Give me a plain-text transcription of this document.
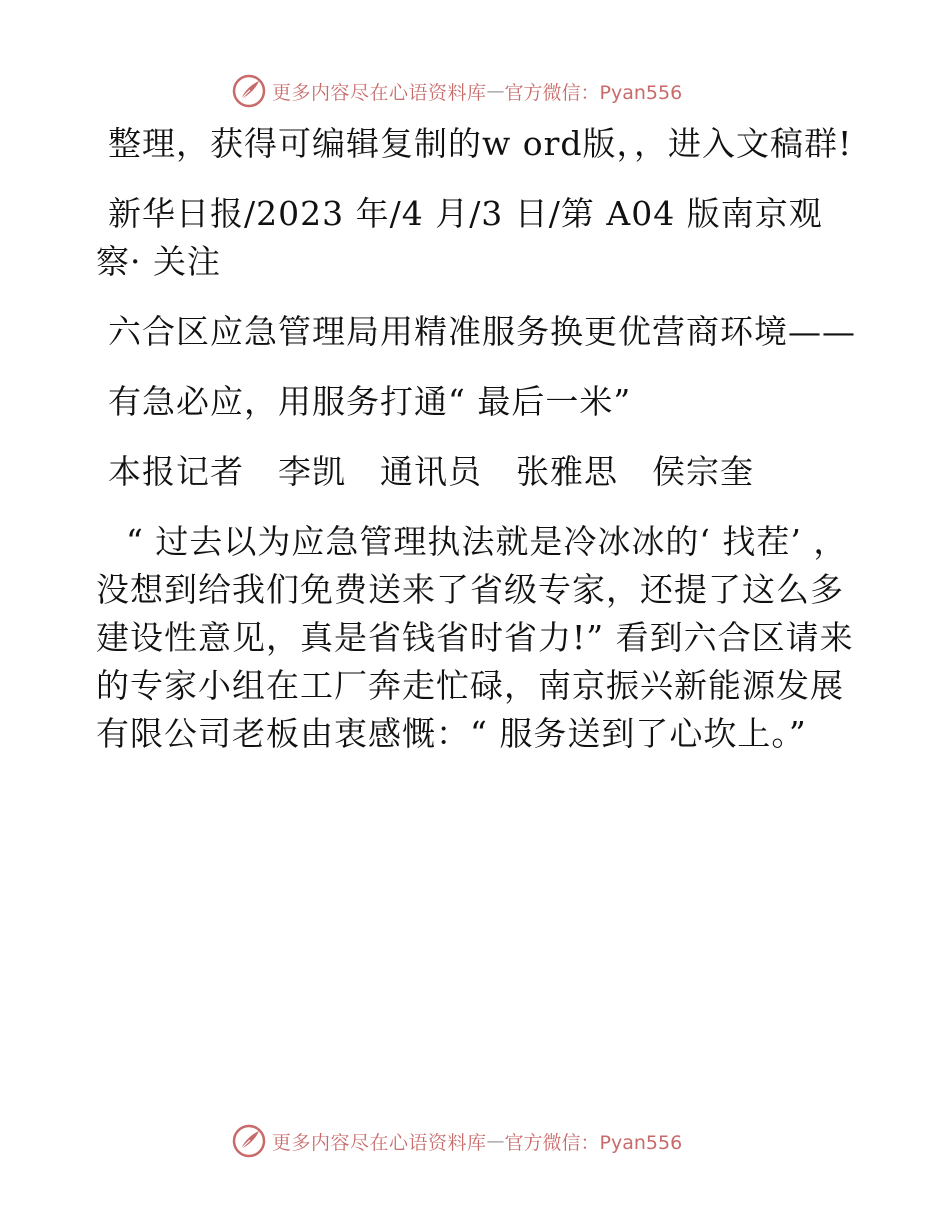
更多内容尽在心语资料库 — 官方微信：Pyan556

整理，获得可编辑复制的w ord版，，进入文稿群!

新华日报/2023 年/4 月/3 日/第 A04 版南京观察· 关注

六合区应急管理局用精准服务换更优营商环境——

有急必应，用服务打通“ 最后一米”

本报记者　李凯　通讯员　张雅思　侯宗奎

“ 过去以为应急管理执法就是冷冰冰的‘ 找茬’ ，没想到给我们免费送来了省级专家，还提了这么多建设性意见，真是省钱省时省力!” 看到六合区请来的专家小组在工厂奔走忙碌，南京振兴新能源发展有限公司老板由衷感慨：“ 服务送到了心坎上。”

更多内容尽在心语资料库 — 官方微信：Pyan556
